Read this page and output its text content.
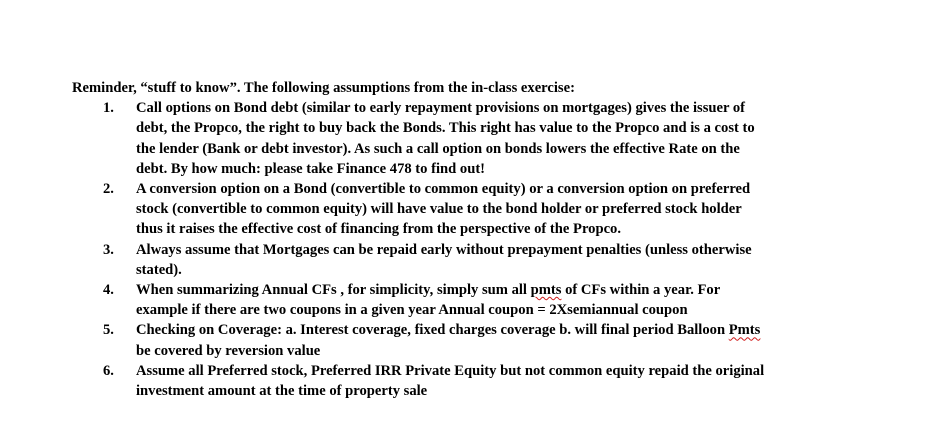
Reminder, “stuff to know”. The following assumptions from the in-class exercise:

1. Call options on Bond debt (similar to early repayment provisions on mortgages) gives the issuer of
debt, the Propco, the right to buy back the Bonds. This right has value to the Propco and is a cost to
the lender (Bank or debt investor). As such a call option on bonds lowers the effective Rate on the
debt. By how much: please take Finance 478 to find out!
2. A conversion option on a Bond (convertible to common equity) or a conversion option on preferred
stock (convertible to common equity) will have value to the bond holder or preferred stock holder
thus it raises the effective cost of financing from the perspective of the Propco.
3. Always assume that Mortgages can be repaid early without prepayment penalties (unless otherwise
stated).
4. When summarizing Annual CFs , for simplicity, simply sum all pmts of CFs within a year. For
example if there are two coupons in a given year Annual coupon = 2Xsemiannual coupon
5. Checking on Coverage: a. Interest coverage, fixed charges coverage b. will final period Balloon Pmts
be covered by reversion value
6. Assume all Preferred stock, Preferred IRR Private Equity but not common equity repaid the original
investment amount at the time of property sale
